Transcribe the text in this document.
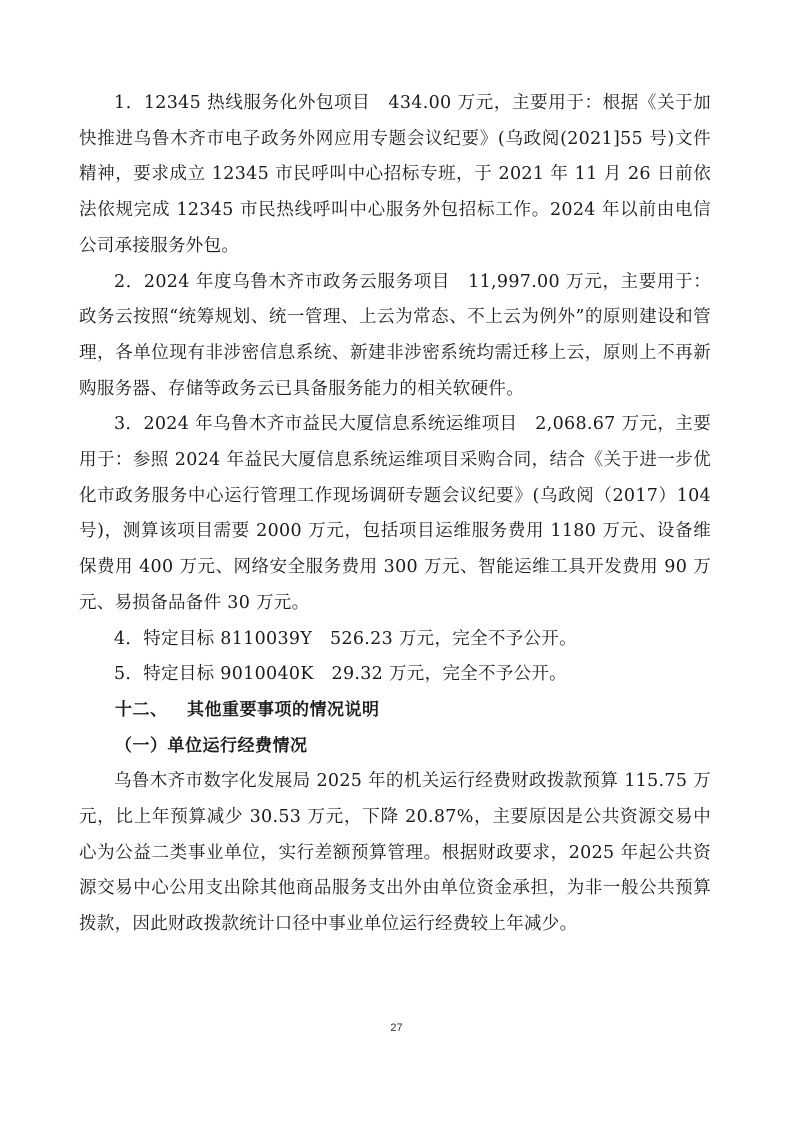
1．12345 热线服务化外包项目　434.00 万元，主要用于：根据《关于加快推进乌鲁木齐市电子政务外网应用专题会议纪要》(乌政阅(2021]55 号)文件精神，要求成立 12345 市民呼叫中心招标专班，于 2021 年 11 月 26 日前依法依规完成 12345 市民热线呼叫中心服务外包招标工作。2024 年以前由电信公司承接服务外包。

2．2024 年度乌鲁木齐市政务云服务项目　11,997.00 万元，主要用于：政务云按照“统筹规划、统一管理、上云为常态、不上云为例外”的原则建设和管理，各单位现有非涉密信息系统、新建非涉密系统均需迁移上云，原则上不再新购服务器、存储等政务云已具备服务能力的相关软硬件。

3．2024 年乌鲁木齐市益民大厦信息系统运维项目　2,068.67 万元，主要用于：参照 2024 年益民大厦信息系统运维项目采购合同，结合《关于进一步优化市政务服务中心运行管理工作现场调研专题会议纪要》(乌政阅（2017）104 号)，测算该项目需要 2000 万元，包括项目运维服务费用 1180 万元、设备维保费用 400 万元、网络安全服务费用 300 万元、智能运维工具开发费用 90 万元、易损备品备件 30 万元。

4．特定目标 8110039Y　526.23 万元，完全不予公开。

5．特定目标 9010040K　29.32 万元，完全不予公开。

十二、 其他重要事项的情况说明

（一）单位运行经费情况

乌鲁木齐市数字化发展局 2025 年的机关运行经费财政拨款预算 115.75 万元，比上年预算减少 30.53 万元，下降 20.87%，主要原因是公共资源交易中心为公益二类事业单位，实行差额预算管理。根据财政要求，2025 年起公共资源交易中心公用支出除其他商品服务支出外由单位资金承担，为非一般公共预算拨款，因此财政拨款统计口径中事业单位运行经费较上年减少。

27
